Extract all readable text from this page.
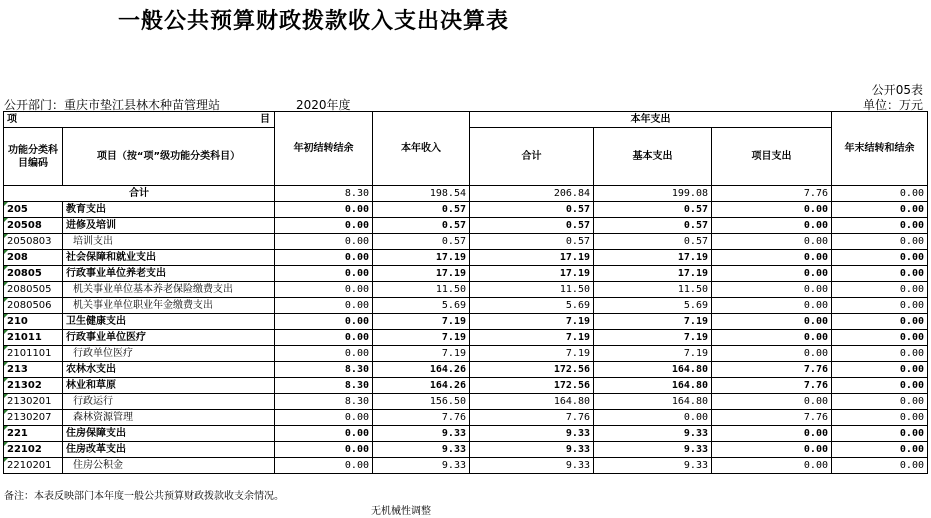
一般公共预算财政拨款收入支出决算表
公开05表
公开部门：重庆市垫江县林木种苗管理站	2020年度	单位：万元
项 目		年初结转结余	本年收入	本年支出			年末结转和结余
功能分类科目编码	项目（按“项”级功能分类科目）			合计	基本支出	项目支出	

合计		8.30	198.54	206.84	199.08	7.76	0.00
205	教育支出	0.00	0.57	0.57	0.57	0.00	0.00
20508	进修及培训	0.00	0.57	0.57	0.57	0.00	0.00
2050803	培训支出	0.00	0.57	0.57	0.57	0.00	0.00
208	社会保障和就业支出	0.00	17.19	17.19	17.19	0.00	0.00
20805	行政事业单位养老支出	0.00	17.19	17.19	17.19	0.00	0.00
2080505	机关事业单位基本养老保险缴费支出	0.00	11.50	11.50	11.50	0.00	0.00
2080506	机关事业单位职业年金缴费支出	0.00	5.69	5.69	5.69	0.00	0.00
210	卫生健康支出	0.00	7.19	7.19	7.19	0.00	0.00
21011	行政事业单位医疗	0.00	7.19	7.19	7.19	0.00	0.00
2101101	行政单位医疗	0.00	7.19	7.19	7.19	0.00	0.00
213	农林水支出	8.30	164.26	172.56	164.80	7.76	0.00
21302	林业和草原	8.30	164.26	172.56	164.80	7.76	0.00
2130201	行政运行	8.30	156.50	164.80	164.80	0.00	0.00
2130207	森林资源管理	0.00	7.76	7.76	0.00	7.76	0.00
221	住房保障支出	0.00	9.33	9.33	9.33	0.00	0.00
22102	住房改革支出	0.00	9.33	9.33	9.33	0.00	0.00
2210201	住房公积金	0.00	9.33	9.33	9.33	0.00	0.00
备注：本表反映部门本年度一般公共预算财政拨款收支余情况。
无机械性调整
